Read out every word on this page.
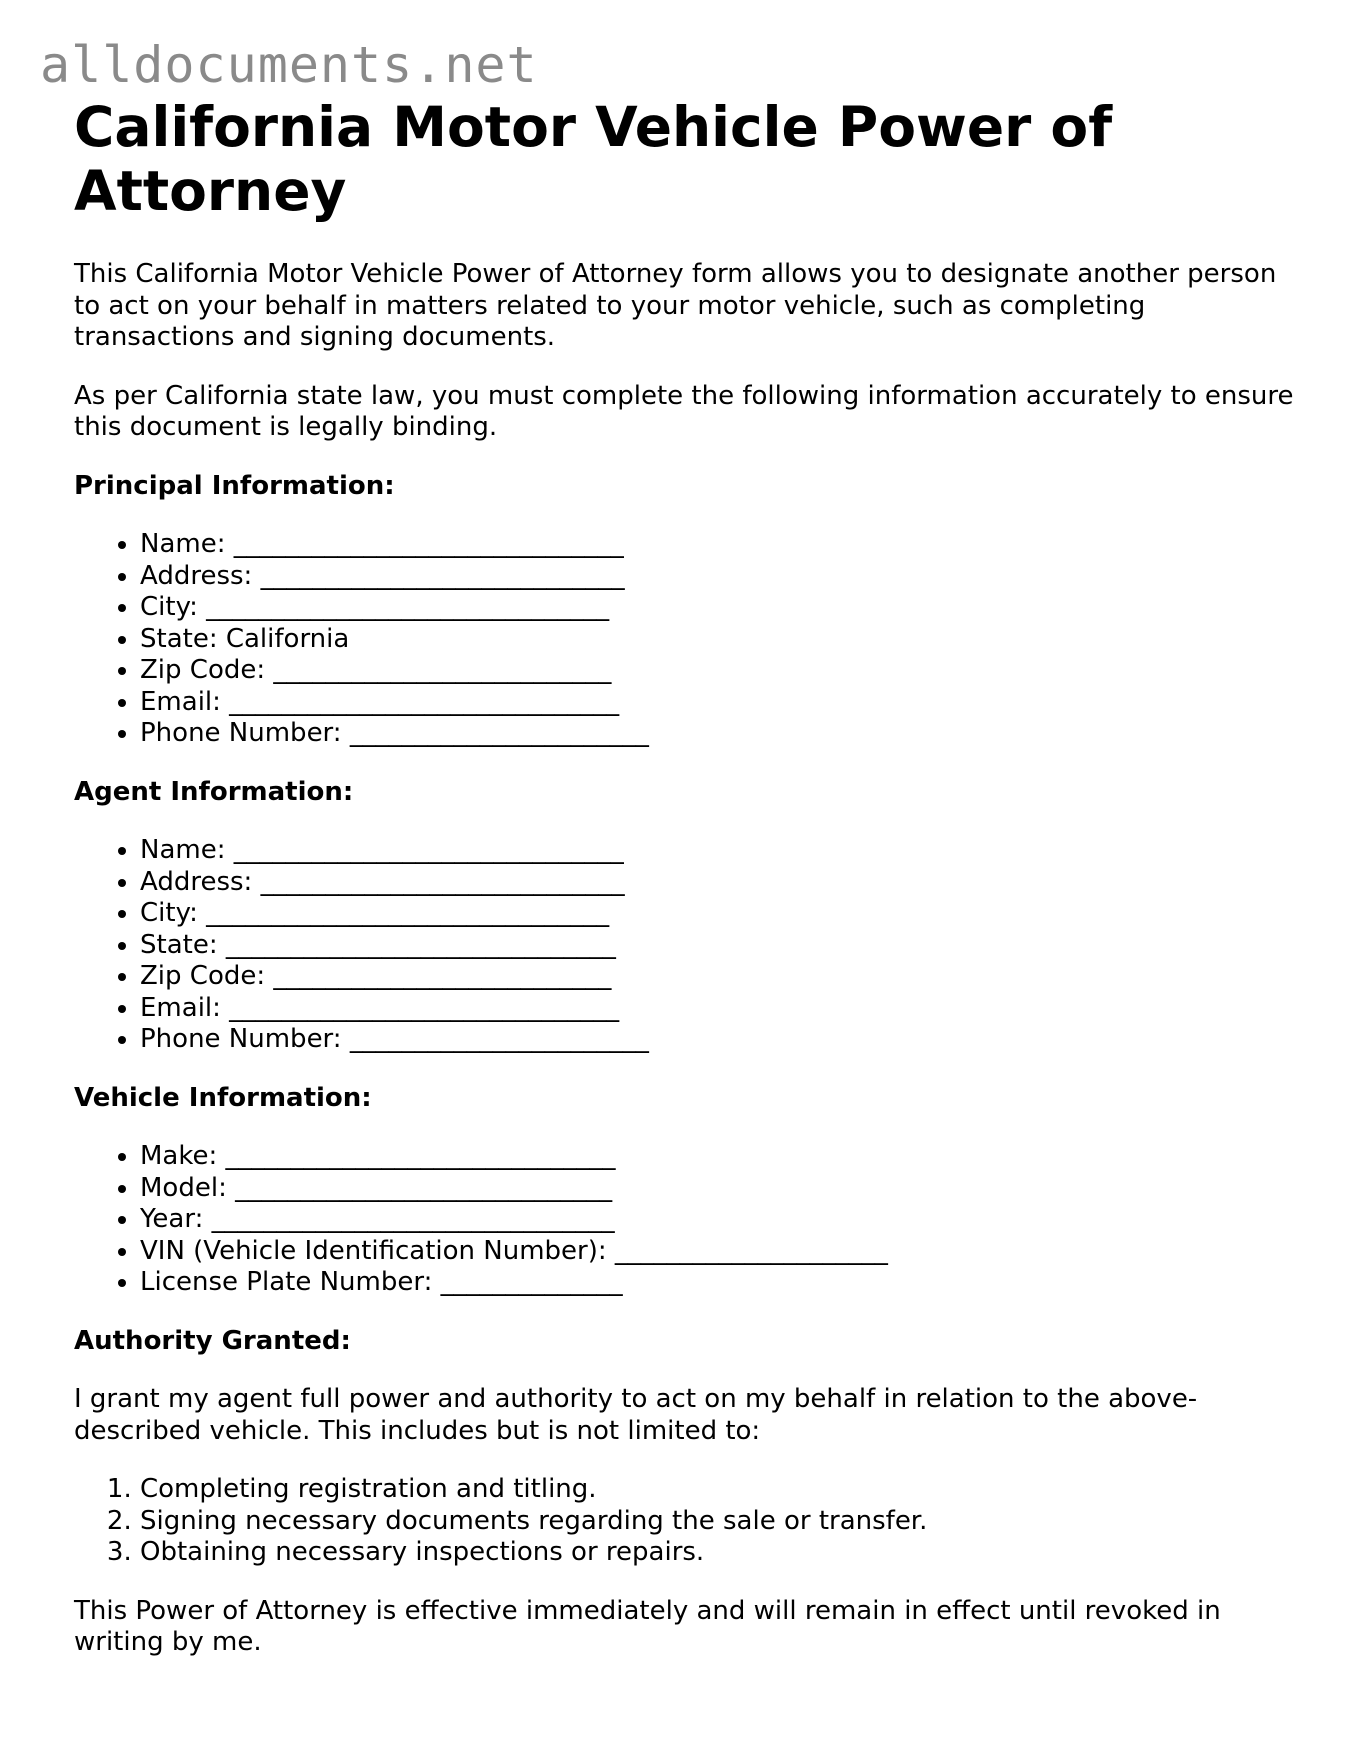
alldocuments.net
California Motor Vehicle Power of Attorney

This California Motor Vehicle Power of Attorney form allows you to designate another person to act on your behalf in matters related to your motor vehicle, such as completing transactions and signing documents.

As per California state law, you must complete the following information accurately to ensure this document is legally binding.

Principal Information:

• Name: ______________________________
• Address: ____________________________
• City: _______________________________
• State: California
• Zip Code: __________________________
• Email: ______________________________
• Phone Number: _______________________

Agent Information:

• Name: ______________________________
• Address: ____________________________
• City: _______________________________
• State: ______________________________
• Zip Code: __________________________
• Email: ______________________________
• Phone Number: _______________________

Vehicle Information:

• Make: ______________________________
• Model: _____________________________
• Year: _______________________________
• VIN (Vehicle Identification Number): _____________________
• License Plate Number: ______________

Authority Granted:

I grant my agent full power and authority to act on my behalf in relation to the above-described vehicle. This includes but is not limited to:

1. Completing registration and titling.
2. Signing necessary documents regarding the sale or transfer.
3. Obtaining necessary inspections or repairs.

This Power of Attorney is effective immediately and will remain in effect until revoked in writing by me.
